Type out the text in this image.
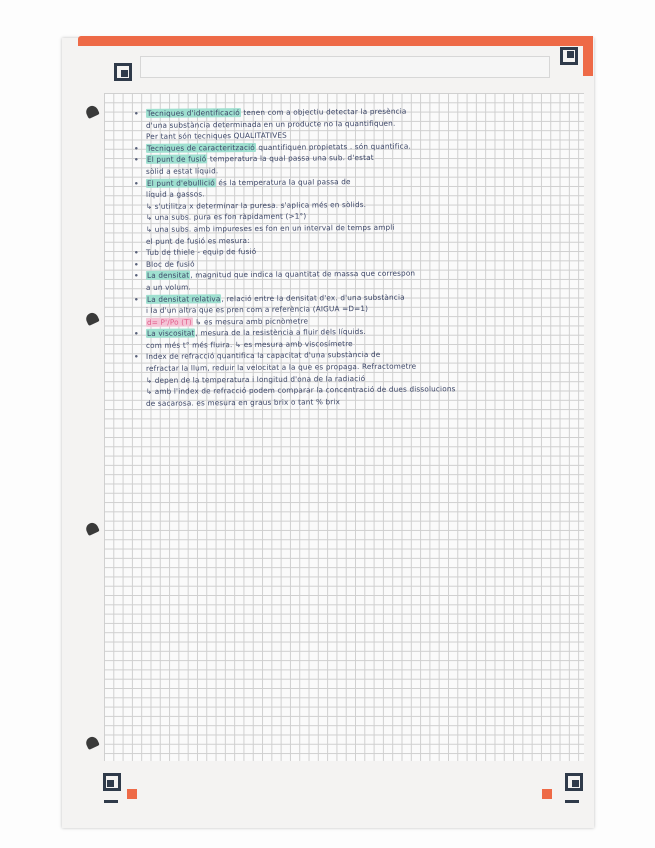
• Tecniques d'identificació tenen com a objectiu detectar la presència
d'una substància determinada en un producte no la quantifiquen.
Per tant són tecniques QUALITATIVES
• Tecniques de caracterització quantifiquen propietats . són quantifica.
• El punt de fusió temperatura la qual passa una sub. d'estat
sòlid a estat líquid.
• El punt d'ebullició és la temperatura la qual passa de
líquid a gassos.
↳ s'utilitza x determinar la puresa. s'aplica més en sòlids.
↳ una subs. pura es fon ràpidament (>1°)
↳ una subs. amb impureses es fon en un interval de temps ampli
el punt de fusió es mesura:
• Tub de thiele - equip de fusió
• Bloc de fusió
• La densitat, magnitud que indica la quantitat de massa que correspon
a un volum.
• La densitat relativa, relació entre la densitat d'ex. d'una substància
i la d'un altra que es pren com a referència (AIGUA =D=1)
d= P'/Po (T) ↳ es mesura amb picnòmetre
• La viscositat, mesura de la resistència a fluir dels líquids.
com més t° més fluira. ↳ es mesura amb viscosímetre
• Index de refracció quantifica la capacitat d'una substància de
refractar la llum, reduir la velocitat a la que es propaga. Refractometre
↳ depen de la temperatura i longitud d'ona de la radiació
↳ amb l'index de refracció podem comparar la concentració de dues dissolucions
de sacarosa. es mesura en graus brix o tant % brix
